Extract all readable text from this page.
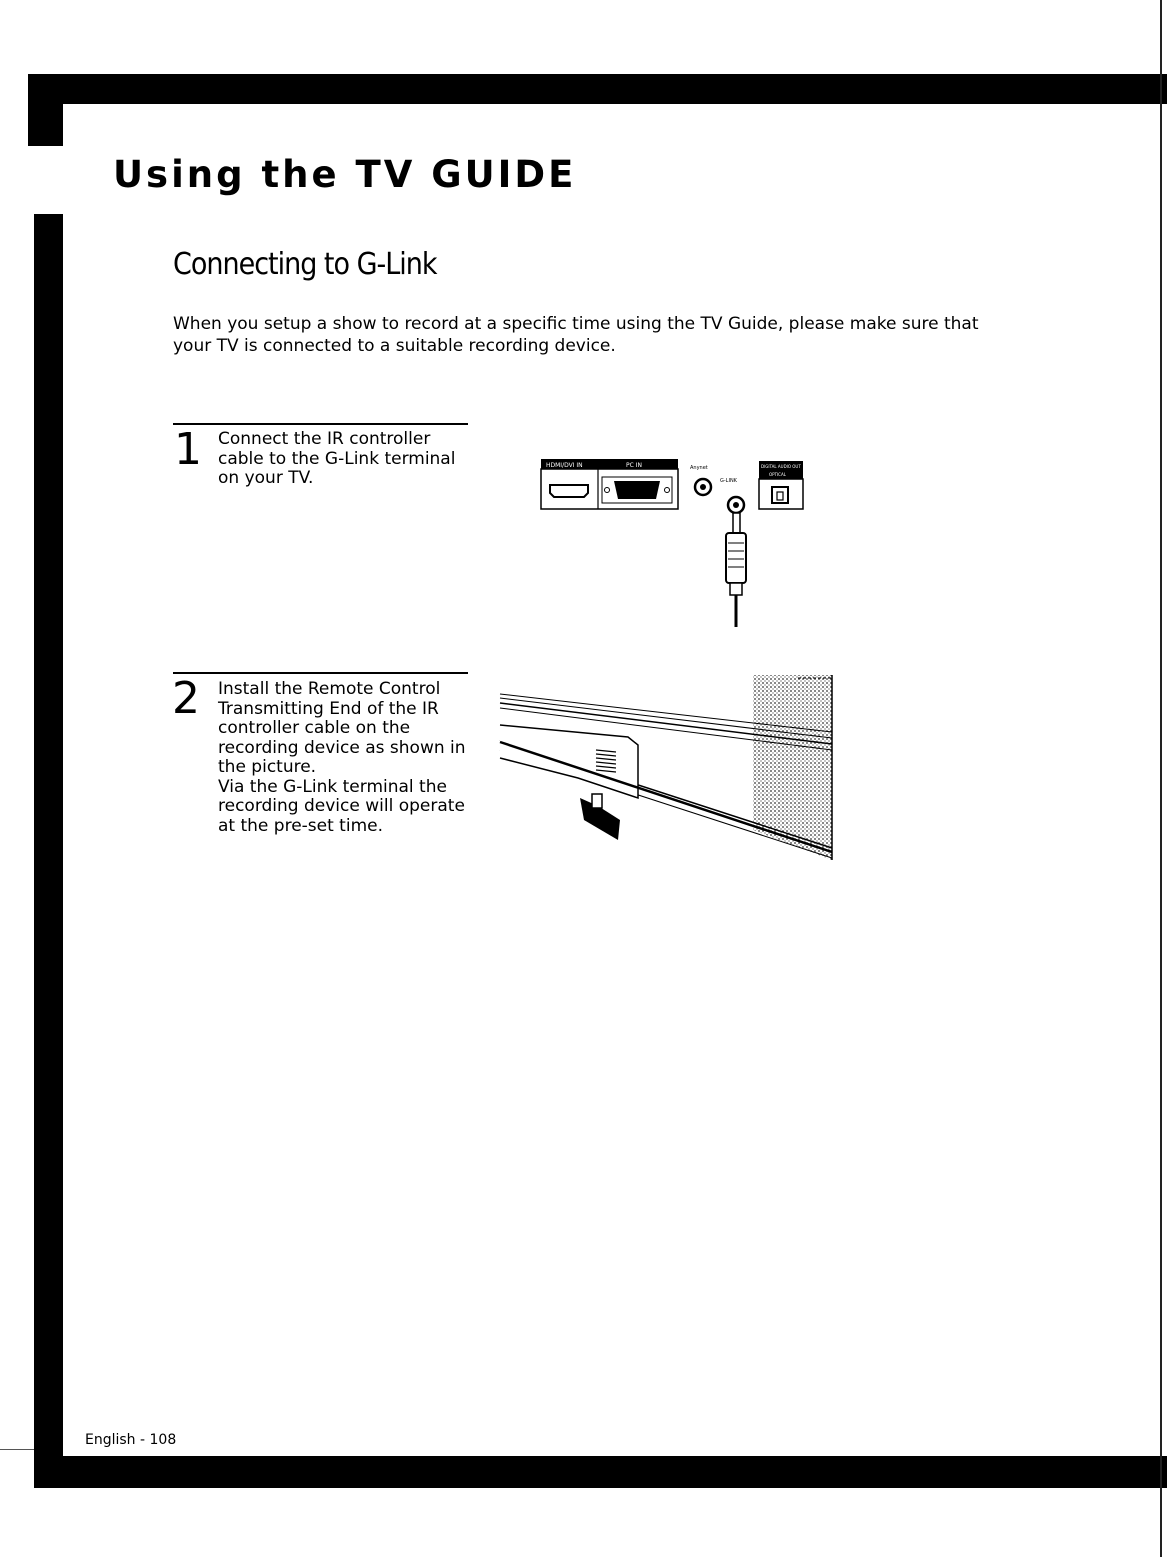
Using the TV GUIDE
Connecting to G-Link

When you setup a show to record at a specific time using the TV Guide, please make sure that your TV is connected to a suitable recording device.

1 Connect the IR controller
cable to the G-Link terminal
on your TV.

HDMI/DVI IN	PC IN	Anynet
G-LINK
DIGITAL AUDIO OUT
OPTICAL
2 Install the Remote Control
Transmitting End of the IR
controller cable on the
recording device as shown in
the picture.
Via the G-Link terminal the
recording device will operate
at the pre-set time.

English - 108
